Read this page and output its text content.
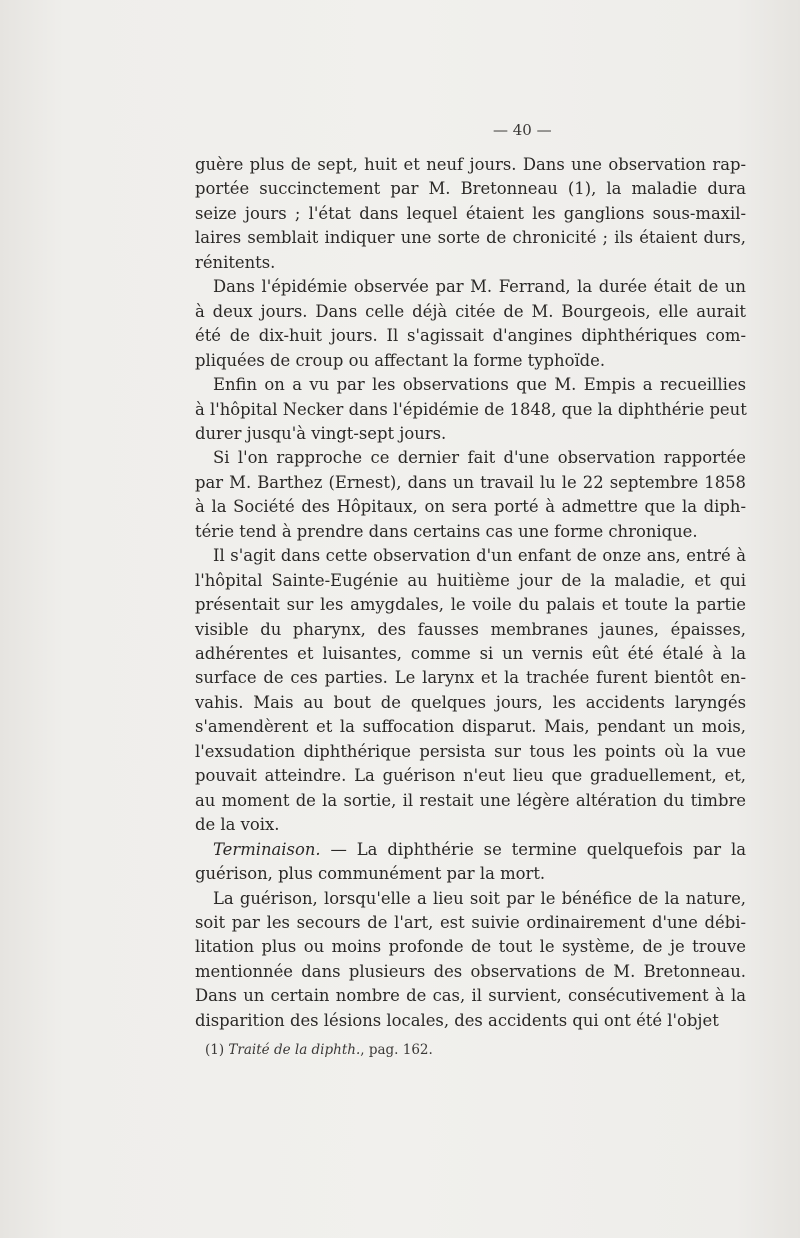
— 40 —
guère plus de sept, huit et neuf jours. Dans une observation rap-
portée succinctement par M. Bretonneau (1), la maladie dura
seize jours ; l'état dans lequel étaient les ganglions sous-maxil-
laires semblait indiquer une sorte de chronicité ; ils étaient durs,
rénitents.
Dans l'épidémie observée par M. Ferrand, la durée était de un
à deux jours. Dans celle déjà citée de M. Bourgeois, elle aurait
été de dix-huit jours. Il s'agissait d'angines diphthériques com-
pliquées de croup ou affectant la forme typhoïde.
Enfin on a vu par les observations que M. Empis a recueillies
à l'hôpital Necker dans l'épidémie de 1848, que la diphthérie peut
durer jusqu'à vingt-sept jours.
Si l'on rapproche ce dernier fait d'une observation rapportée
par M. Barthez (Ernest), dans un travail lu le 22 septembre 1858
à la Société des Hôpitaux, on sera porté à admettre que la diph-
térie tend à prendre dans certains cas une forme chronique.
Il s'agit dans cette observation d'un enfant de onze ans, entré à
l'hôpital Sainte-Eugénie au huitième jour de la maladie, et qui
présentait sur les amygdales, le voile du palais et toute la partie
visible du pharynx, des fausses membranes jaunes, épaisses,
adhérentes et luisantes, comme si un vernis eût été étalé à la
surface de ces parties. Le larynx et la trachée furent bientôt en-
vahis. Mais au bout de quelques jours, les accidents laryngés
s'amendèrent et la suffocation disparut. Mais, pendant un mois,
l'exsudation diphthérique persista sur tous les points où la vue
pouvait atteindre. La guérison n'eut lieu que graduellement, et,
au moment de la sortie, il restait une légère altération du timbre
de la voix.
Terminaison. — La diphthérie se termine quelquefois par la
guérison, plus communément par la mort.
La guérison, lorsqu'elle a lieu soit par le bénéfice de la nature,
soit par les secours de l'art, est suivie ordinairement d'une débi-
litation plus ou moins profonde de tout le système, de je trouve
mentionnée dans plusieurs des observations de M. Bretonneau.
Dans un certain nombre de cas, il survient, consécutivement à la
disparition des lésions locales, des accidents qui ont été l'objet
(1) Traité de la diphth., pag. 162.
